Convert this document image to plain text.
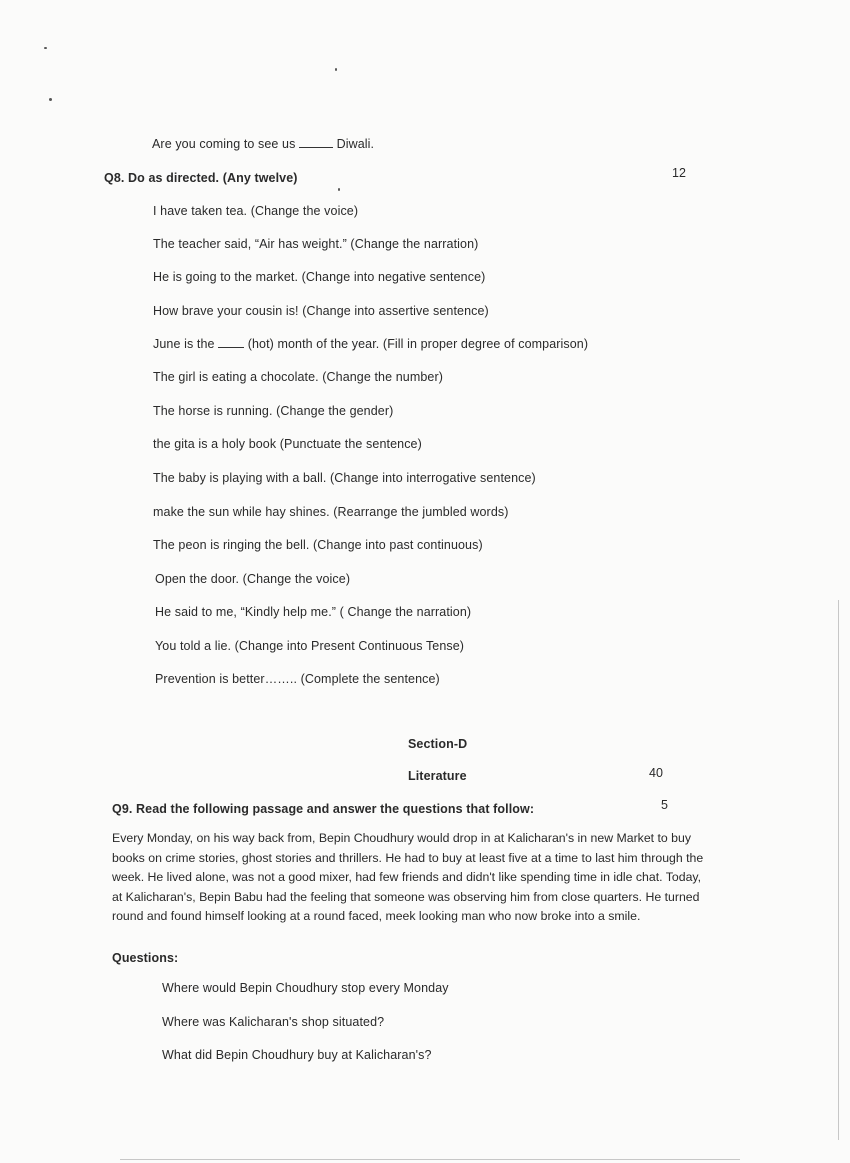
Are you coming to see us	Diwali.
Q8. Do as directed. (Any twelve)	12
I have taken tea. (Change the voice)
The teacher said, “Air has weight.” (Change the narration)
He is going to the market. (Change into negative sentence)
How brave your cousin is! (Change into assertive sentence)
June is the	(hot) month of the year. (Fill in proper degree of comparison)
The girl is eating a chocolate. (Change the number)
The horse is running. (Change the gender)
the gita is a holy book (Punctuate the sentence)
The baby is playing with a ball. (Change into interrogative sentence)
make the sun while hay shines. (Rearrange the jumbled words)
The peon is ringing the bell. (Change into past continuous)
Open the door. (Change the voice)
He said to me, “Kindly help me.” ( Change the narration)
You told a lie. (Change into Present Continuous Tense)
Prevention is better…….. (Complete the sentence)
Section-D
Literature	40
Q9. Read the following passage and answer the questions that follow:	5
Every Monday, on his way back from, Bepin Choudhury would drop in at Kalicharan's in new Market to buy
books on crime stories, ghost stories and thrillers. He had to buy at least five at a time to last him through the
week. He lived alone, was not a good mixer, had few friends and didn't like spending time in idle chat. Today,
at Kalicharan's, Bepin Babu had the feeling that someone was observing him from close quarters. He turned
round and found himself looking at a round faced, meek looking man who now broke into a smile.
Questions:
Where would Bepin Choudhury stop every Monday
Where was Kalicharan's shop situated?
What did Bepin Choudhury buy at Kalicharan's?
